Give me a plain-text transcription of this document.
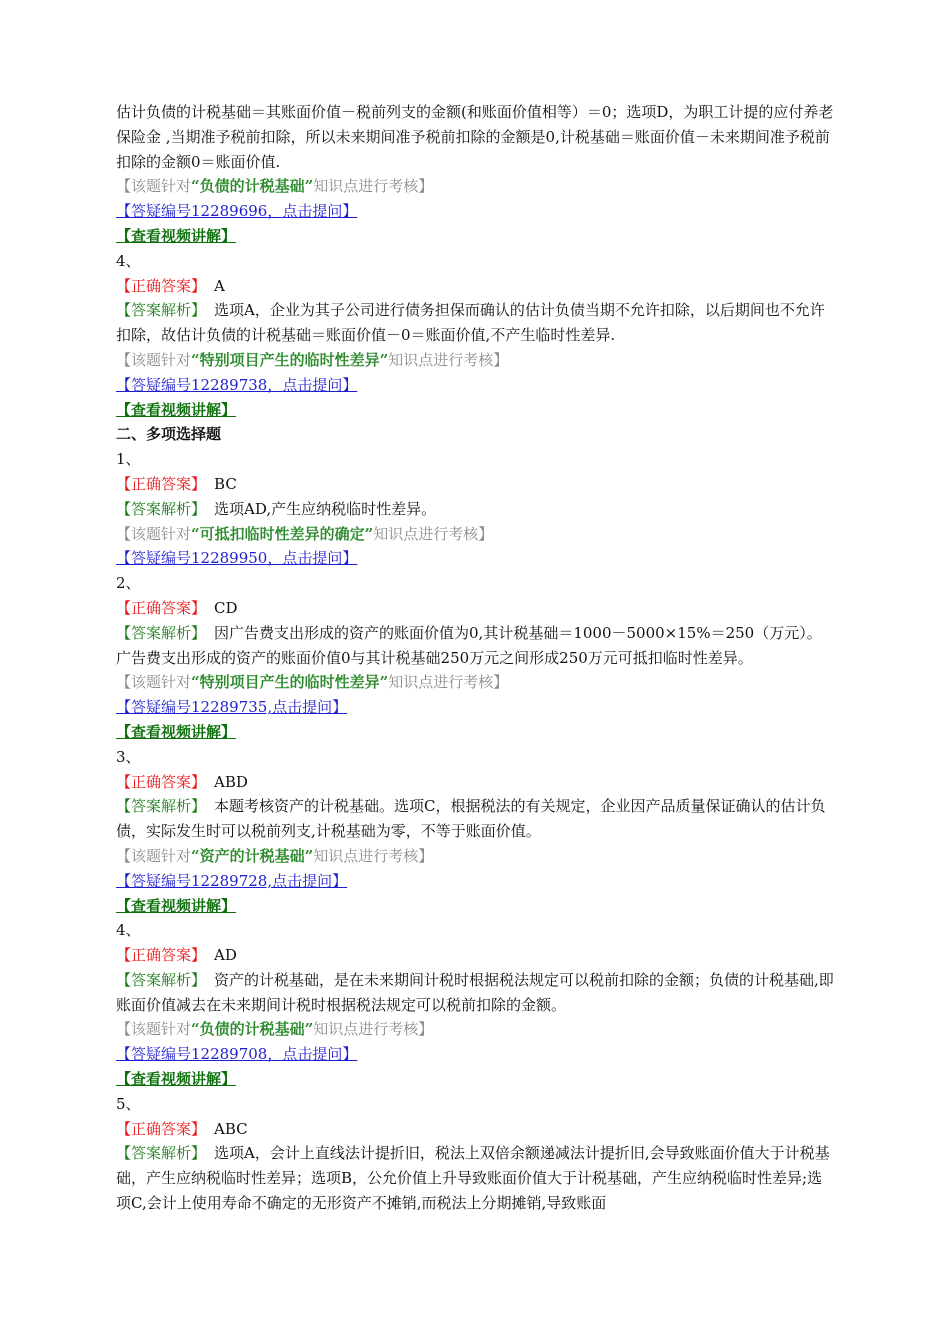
估计负债的计税基础＝其账面价值－税前列支的金额(和账面价值相等）＝0；选项D，为职工计提的应付养老保险金 ,当期准予税前扣除，所以未来期间准予税前扣除的金额是0,计税基础＝账面价值－未来期间准予税前扣除的金额0＝账面价值.
【该题针对“负债的计税基础”知识点进行考核】
【答疑编号12289696，点击提问】
【查看视频讲解】
4、
【正确答案】 A
【答案解析】 选项A，企业为其子公司进行债务担保而确认的估计负债当期不允许扣除，以后期间也不允许扣除，故估计负债的计税基础＝账面价值－0＝账面价值,不产生临时性差异.
【该题针对“特别项目产生的临时性差异”知识点进行考核】
【答疑编号12289738，点击提问】
【查看视频讲解】
二、多项选择题
1、
【正确答案】 BC
【答案解析】 选项AD,产生应纳税临时性差异。
【该题针对“可抵扣临时性差异的确定”知识点进行考核】
【答疑编号12289950，点击提问】
2、
【正确答案】 CD
【答案解析】 因广告费支出形成的资产的账面价值为0,其计税基础＝1000－5000×15%＝250（万元）。广告费支出形成的资产的账面价值0与其计税基础250万元之间形成250万元可抵扣临时性差异。
【该题针对“特别项目产生的临时性差异”知识点进行考核】
【答疑编号12289735,点击提问】
【查看视频讲解】
3、
【正确答案】 ABD
【答案解析】 本题考核资产的计税基础。选项C，根据税法的有关规定，企业因产品质量保证确认的估计负债，实际发生时可以税前列支,计税基础为零，不等于账面价值。
【该题针对“资产的计税基础”知识点进行考核】
【答疑编号12289728,点击提问】
【查看视频讲解】
4、
【正确答案】 AD
【答案解析】 资产的计税基础，是在未来期间计税时根据税法规定可以税前扣除的金额；负债的计税基础,即账面价值减去在未来期间计税时根据税法规定可以税前扣除的金额。
【该题针对“负债的计税基础”知识点进行考核】
【答疑编号12289708，点击提问】
【查看视频讲解】
5、
【正确答案】 ABC
【答案解析】 选项A，会计上直线法计提折旧，税法上双倍余额递减法计提折旧,会导致账面价值大于计税基础，产生应纳税临时性差异；选项B，公允价值上升导致账面价值大于计税基础，产生应纳税临时性差异;选项C,会计上使用寿命不确定的无形资产不摊销,而税法上分期摊销,导致账面
